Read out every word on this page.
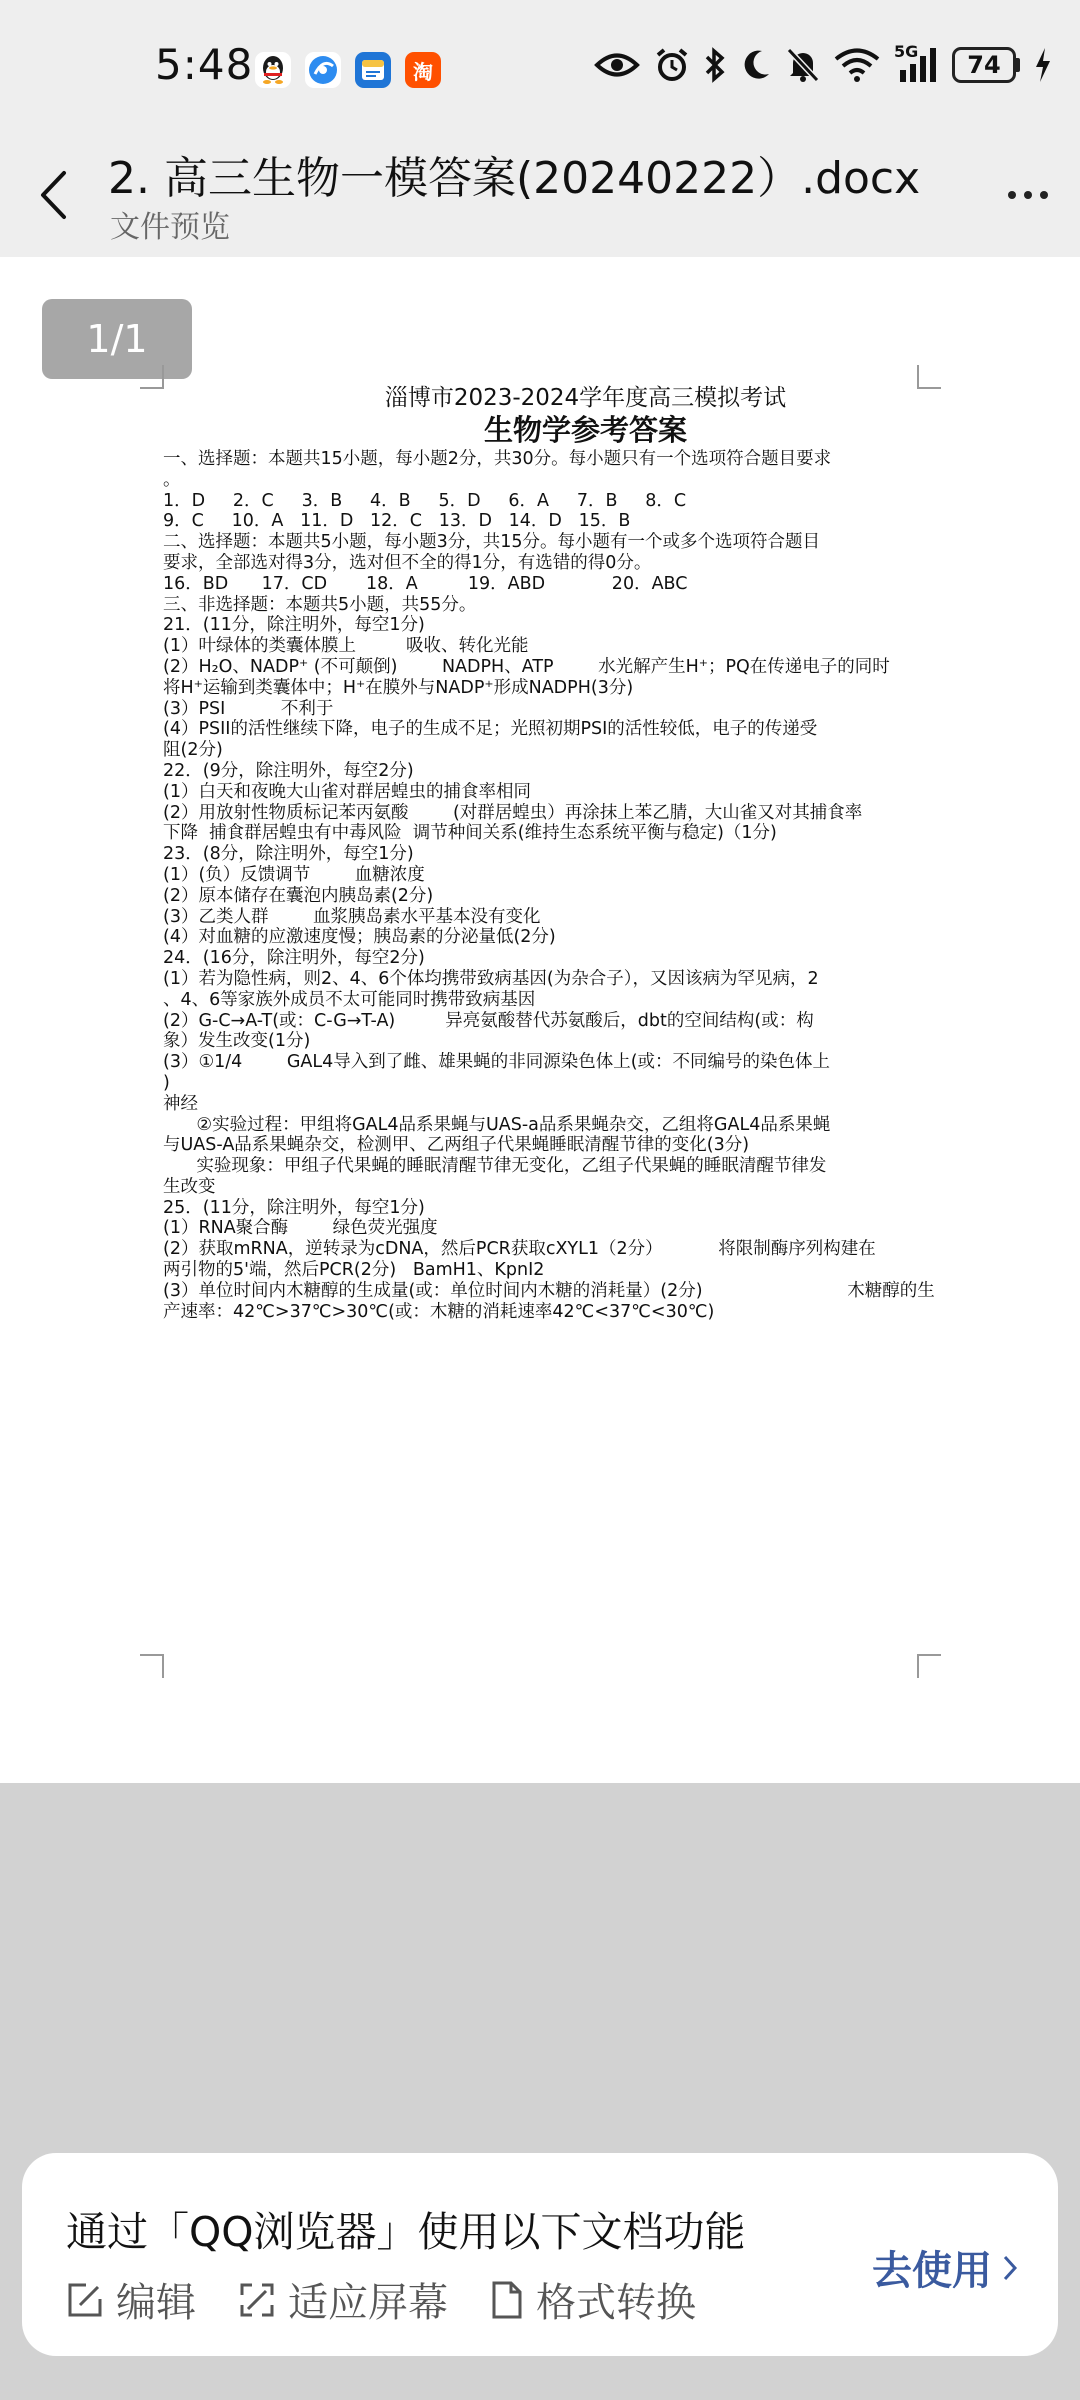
5:48	淘
5G	74
2. 高三生物一模答案(20240222）.docx
文件预览
1/1
淄博市2023-2024学年度高三模拟考试
生物学参考答案
一、选择题：本题共15小题，每小题2分，共30分。每小题只有一个选项符合题目要求
。
1．D     2．C     3．B     4．B     5．D     6．A     7．B     8．C
9．C     10．A   11．D   12．C   13．D   14．D   15．B
二、选择题：本题共5小题，每小题3分，共15分。每小题有一个或多个选项符合题目
要求，全部选对得3分，选对但不全的得1分，有选错的得0分。
16．BD      17．CD       18．A         19．ABD            20．ABC
三、非选择题：本题共5小题，共55分。
21．(11分，除注明外，每空1分)
(1）叶绿体的类囊体膜上         吸收、转化光能
(2）H₂O、NADP⁺ (不可颠倒)        NADPH、ATP        水光解产生H⁺；PQ在传递电子的同时
将H⁺运输到类囊体中；H⁺在膜外与NADP⁺形成NADPH(3分)
(3）PSI          不利于
(4）PSII的活性继续下降，电子的生成不足；光照初期PSI的活性较低，电子的传递受
阻(2分)
22．(9分，除注明外，每空2分)
(1）白天和夜晚大山雀对群居蝗虫的捕食率相同
(2）用放射性物质标记苯丙氨酸        (对群居蝗虫）再涂抹上苯乙腈，大山雀又对其捕食率
下降  捕食群居蝗虫有中毒风险  调节种间关系(维持生态系统平衡与稳定)（1分)
23．(8分，除注明外，每空1分)
(1）(负）反馈调节        血糖浓度
(2）原本储存在囊泡内胰岛素(2分)
(3）乙类人群        血浆胰岛素水平基本没有变化
(4）对血糖的应激速度慢；胰岛素的分泌量低(2分)
24．(16分，除注明外，每空2分)
(1）若为隐性病，则2、4、6个体均携带致病基因(为杂合子），又因该病为罕见病，2
、4、6等家族外成员不太可能同时携带致病基因
(2）G-C→A-T(或：C-G→T-A)         异亮氨酸替代苏氨酸后，dbt的空间结构(或：构
象）发生改变(1分)
(3）①1/4        GAL4导入到了雌、雄果蝇的非同源染色体上(或：不同编号的染色体上
)
神经
②实验过程：甲组将GAL4品系果蝇与UAS-a品系果蝇杂交，乙组将GAL4品系果蝇
与UAS-A品系果蝇杂交，检测甲、乙两组子代果蝇睡眠清醒节律的变化(3分)
实验现象：甲组子代果蝇的睡眠清醒节律无变化，乙组子代果蝇的睡眠清醒节律发
生改变
25．(11分，除注明外，每空1分)
(1）RNA聚合酶        绿色荧光强度
(2）获取mRNA，逆转录为cDNA，然后PCR获取cXYL1（2分）          将限制酶序列构建在
两引物的5'端，然后PCR(2分)   BamH1、KpnⅠ2
(3）单位时间内木糖醇的生成量(或：单位时间内木糖的消耗量）(2分)                          木糖醇的生
产速率：42℃>37℃>30℃(或：木糖的消耗速率42℃<37℃<30℃)
通过「QQ浏览器」使用以下文档功能
编辑 适应屏幕 格式转换
去使用
